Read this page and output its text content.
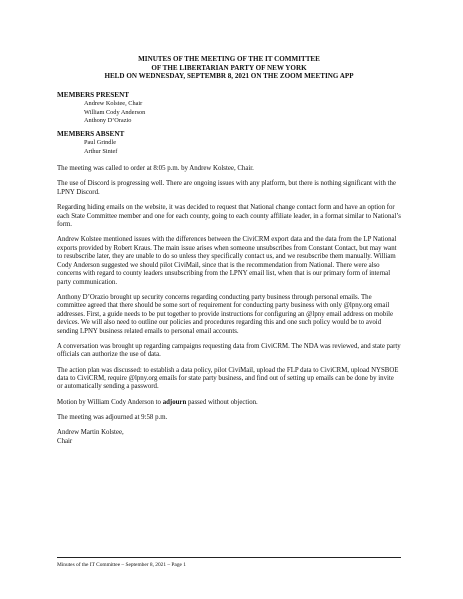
MINUTES OF THE MEETING OF THE IT COMMITTEE
OF THE LIBERTARIAN PARTY OF NEW YORK
HELD ON WEDNESDAY, SEPTEMBR 8, 2021 ON THE ZOOM MEETING APP
MEMBERS PRESENT
Andrew Kolstee, Chair
William Cody Anderson
Anthony D’Orazio
MEMBERS ABSENT
Paul Grindle
Arthur Sintef

The meeting was called to order at 8:05 p.m. by Andrew Kolstee, Chair.

The use of Discord is progressing well. There are ongoing issues with any platform, but there is nothing significant with the LPNY Discord.

Regarding hiding emails on the website, it was decided to request that National change contact form and have an option for each State Committee member and one for each county, going to each county affiliate leader, in a format similar to National’s form.

Andrew Kolstee mentioned issues with the differences between the CiviCRM export data and the data from the LP National exports provided by Robert Kraus. The main issue arises when someone unsubscribes from Constant Contact, but may want to resubscribe later, they are unable to do so unless they specifically contact us, and we resubscribe them manually. William Cody Anderson suggested we should pilot CiviMail, since that is the recommendation from National. There were also concerns with regard to county leaders unsubscribing from the LPNY email list, when that is our primary form of internal party communication.

Anthony D’Orazio brought up security concerns regarding conducting party business through personal emails. The committee agreed that there should be some sort of requirement for conducting party business with only @lpny.org email addresses. First, a guide needs to be put together to provide instructions for configuring an @lpny email address on mobile devices. We will also need to outline our policies and procedures regarding this and one such policy would be to avoid sending LPNY business related emails to personal email accounts.

A conversation was brought up regarding campaigns requesting data from CiviCRM. The NDA was reviewed, and state party officials can authorize the use of data.

The action plan was discussed: to establish a data policy, pilot CiviMail, upload the FLP data to CiviCRM, upload NYSBOE data to CiviCRM, require @lpny.org emails for state party business, and find out of setting up emails can be done by invite or automatically sending a password.

Motion by William Cody Anderson to adjourn passed without objection.

The meeting was adjourned at 9:58 p.m.

Andrew Martin Kolstee,
Chair
Minutes of the IT Committee – September 8, 2021 – Page 1
